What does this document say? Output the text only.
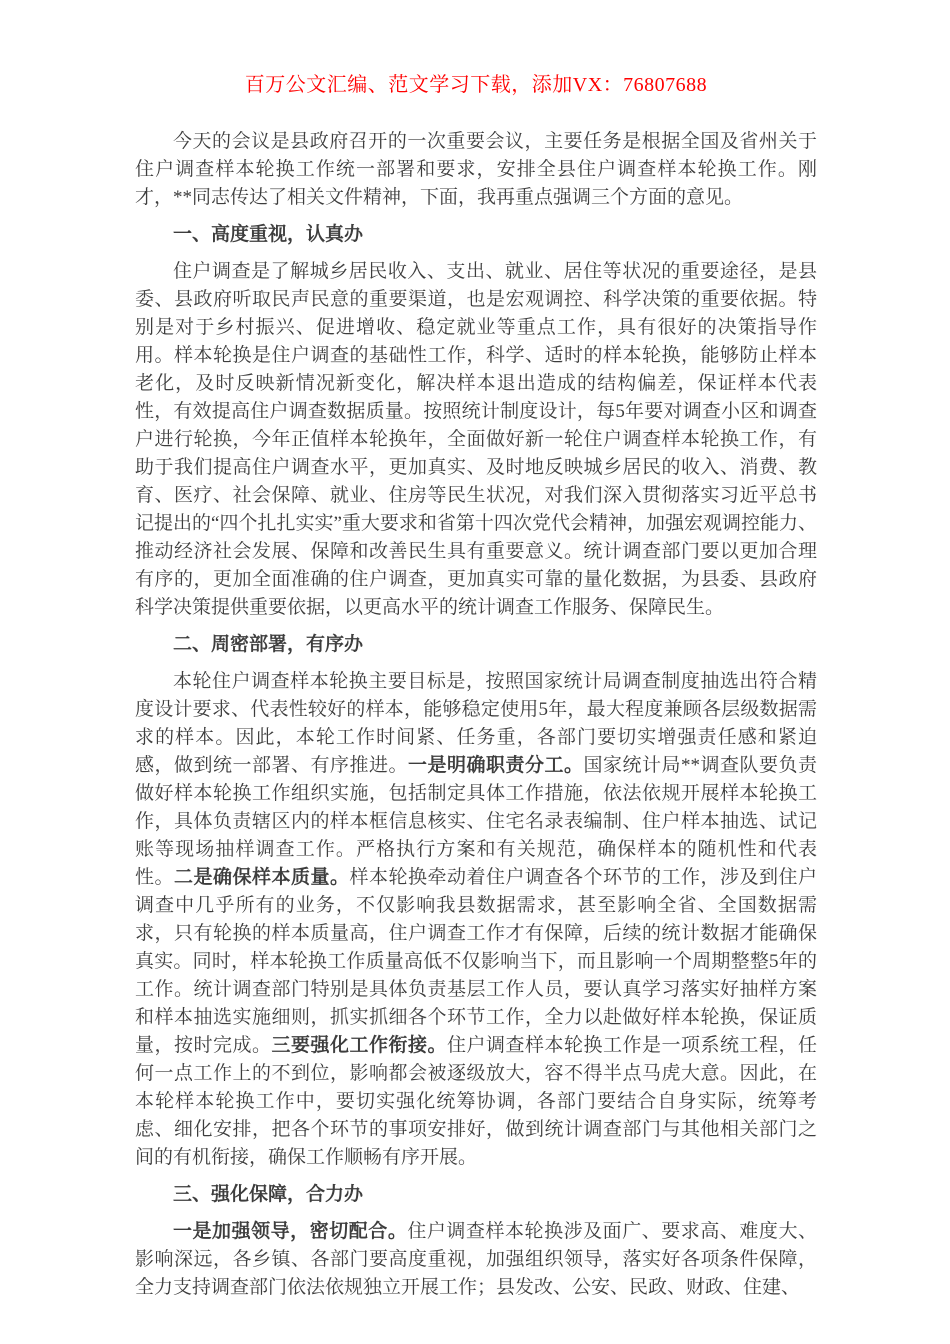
百万公文汇编、范文学习下载，添加VX：76807688

今天的会议是县政府召开的一次重要会议，主要任务是根据全国及省州关于住户调查样本轮换工作统一部署和要求，安排全县住户调查样本轮换工作。刚才，**同志传达了相关文件精神，下面，我再重点强调三个方面的意见。

一、高度重视，认真办

住户调查是了解城乡居民收入、支出、就业、居住等状况的重要途径，是县委、县政府听取民声民意的重要渠道，也是宏观调控、科学决策的重要依据。特别是对于乡村振兴、促进增收、稳定就业等重点工作，具有很好的决策指导作用。样本轮换是住户调查的基础性工作，科学、适时的样本轮换，能够防止样本老化，及时反映新情况新变化，解决样本退出造成的结构偏差，保证样本代表性，有效提高住户调查数据质量。按照统计制度设计，每5年要对调查小区和调查户进行轮换，今年正值样本轮换年，全面做好新一轮住户调查样本轮换工作，有助于我们提高住户调查水平，更加真实、及时地反映城乡居民的收入、消费、教育、医疗、社会保障、就业、住房等民生状况，对我们深入贯彻落实习近平总书记提出的“四个扎扎实实”重大要求和省第十四次党代会精神，加强宏观调控能力、推动经济社会发展、保障和改善民生具有重要意义。统计调查部门要以更加合理有序的，更加全面准确的住户调查，更加真实可靠的量化数据，为县委、县政府科学决策提供重要依据，以更高水平的统计调查工作服务、保障民生。

二、周密部署，有序办

本轮住户调查样本轮换主要目标是，按照国家统计局调查制度抽选出符合精度设计要求、代表性较好的样本，能够稳定使用5年，最大程度兼顾各层级数据需求的样本。因此，本轮工作时间紧、任务重，各部门要切实增强责任感和紧迫感，做到统一部署、有序推进。一是明确职责分工。国家统计局**调查队要负责做好样本轮换工作组织实施，包括制定具体工作措施，依法依规开展样本轮换工作，具体负责辖区内的样本框信息核实、住宅名录表编制、住户样本抽选、试记账等现场抽样调查工作。严格执行方案和有关规范，确保样本的随机性和代表性。二是确保样本质量。样本轮换牵动着住户调查各个环节的工作，涉及到住户调查中几乎所有的业务，不仅影响我县数据需求，甚至影响全省、全国数据需求，只有轮换的样本质量高，住户调查工作才有保障，后续的统计数据才能确保真实。同时，样本轮换工作质量高低不仅影响当下，而且影响一个周期整整5年的工作。统计调查部门特别是具体负责基层工作人员，要认真学习落实好抽样方案和样本抽选实施细则，抓实抓细各个环节工作，全力以赴做好样本轮换，保证质量，按时完成。三要强化工作衔接。住户调查样本轮换工作是一项系统工程，任何一点工作上的不到位，影响都会被逐级放大，容不得半点马虎大意。因此，在本轮样本轮换工作中，要切实强化统筹协调，各部门要结合自身实际，统筹考虑、细化安排，把各个环节的事项安排好，做到统计调查部门与其他相关部门之间的有机衔接，确保工作顺畅有序开展。

三、强化保障，合力办

一是加强领导，密切配合。住户调查样本轮换涉及面广、要求高、难度大、影响深远，各乡镇、各部门要高度重视，加强组织领导，落实好各项条件保障，全力支持调查部门依法依规独立开展工作；县发改、公安、民政、财政、住建、
